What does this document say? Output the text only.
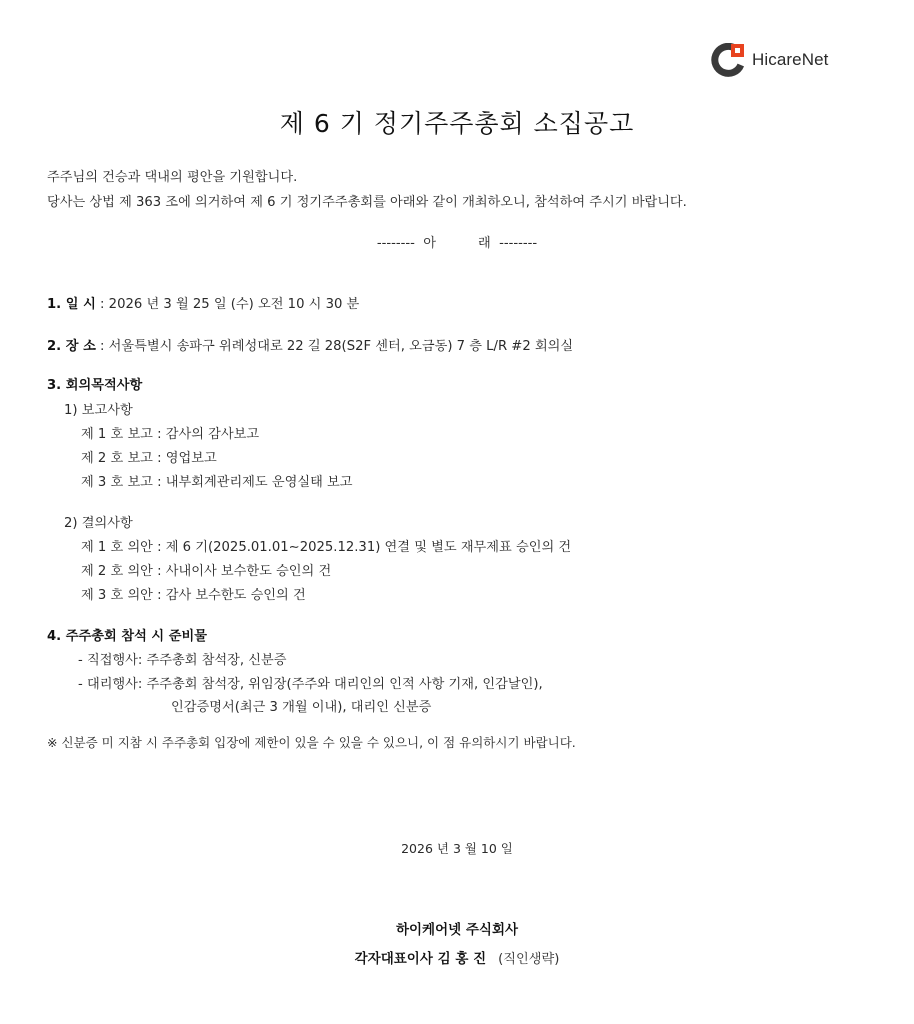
HicareNet
제 6 기 정기주주총회 소집공고
주주님의 건승과 댁내의 평안을 기원합니다.
당사는 상법 제 363 조에 의거하여 제 6 기 정기주주총회를 아래와 같이 개최하오니, 참석하여 주시기 바랍니다.
--------  아          래  --------
1. 일 시 : 2026 년 3 월 25 일 (수) 오전 10 시 30 분
2. 장 소 : 서울특별시 송파구 위례성대로 22 길 28(S2F 센터, 오금동) 7 층 L/R #2 회의실
3. 회의목적사항
1) 보고사항
제 1 호 보고 : 감사의 감사보고
제 2 호 보고 : 영업보고
제 3 호 보고 : 내부회계관리제도 운영실태 보고
2) 결의사항
제 1 호 의안 : 제 6 기(2025.01.01∼2025.12.31) 연결 및 별도 재무제표 승인의 건
제 2 호 의안 : 사내이사 보수한도 승인의 건
제 3 호 의안 : 감사 보수한도 승인의 건
4. 주주총회 참석 시 준비물
- 직접행사: 주주총회 참석장, 신분증
- 대리행사: 주주총회 참석장, 위임장(주주와 대리인의 인적 사항 기재, 인감날인),
인감증명서(최근 3 개월 이내), 대리인 신분증
※ 신분증 미 지참 시 주주총회 입장에 제한이 있을 수 있을 수 있으니, 이 점 유의하시기 바랍니다.
2026 년 3 월 10 일
하이케어넷 주식회사
각자대표이사 김 홍 진 (직인생략)
